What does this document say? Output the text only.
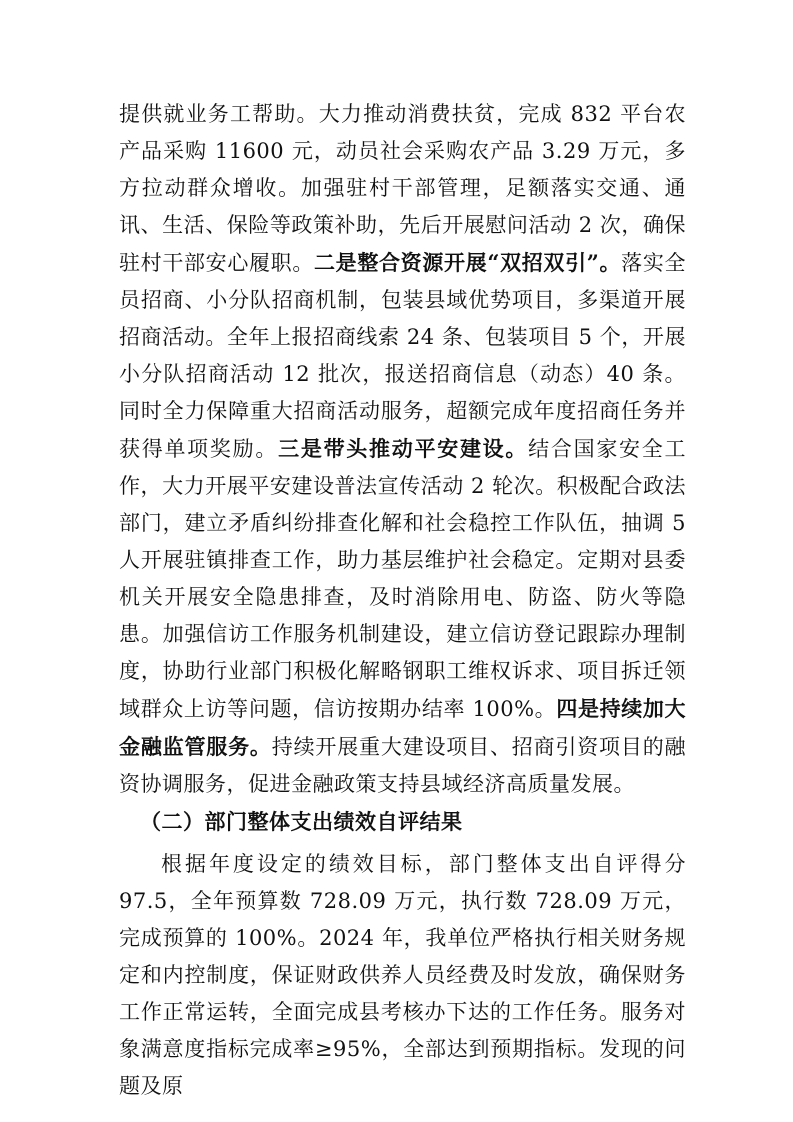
提供就业务工帮助。大力推动消费扶贫，完成 832 平台农产品采购 11600 元，动员社会采购农产品 3.29 万元，多方拉动群众增收。加强驻村干部管理，足额落实交通、通讯、生活、保险等政策补助，先后开展慰问活动 2 次，确保驻村干部安心履职。二是整合资源开展“双招双引”。落实全员招商、小分队招商机制，包装县域优势项目，多渠道开展招商活动。全年上报招商线索 24 条、包装项目 5 个，开展小分队招商活动 12 批次，报送招商信息（动态）40 条。同时全力保障重大招商活动服务，超额完成年度招商任务并获得单项奖励。三是带头推动平安建设。结合国家安全工作，大力开展平安建设普法宣传活动 2 轮次。积极配合政法部门，建立矛盾纠纷排查化解和社会稳控工作队伍，抽调 5 人开展驻镇排查工作，助力基层维护社会稳定。定期对县委机关开展安全隐患排查，及时消除用电、防盗、防火等隐患。加强信访工作服务机制建设，建立信访登记跟踪办理制度，协助行业部门积极化解略钢职工维权诉求、项目拆迁领域群众上访等问题，信访按期办结率 100%。四是持续加大金融监管服务。持续开展重大建设项目、招商引资项目的融资协调服务，促进金融政策支持县域经济高质量发展。

（二）部门整体支出绩效自评结果

根据年度设定的绩效目标，部门整体支出自评得分 97.5，全年预算数 728.09 万元，执行数 728.09 万元，完成预算的 100%。2024 年，我单位严格执行相关财务规定和内控制度，保证财政供养人员经费及时发放，确保财务工作正常运转，全面完成县考核办下达的工作任务。服务对象满意度指标完成率≥95%，全部达到预期指标。发现的问题及原
